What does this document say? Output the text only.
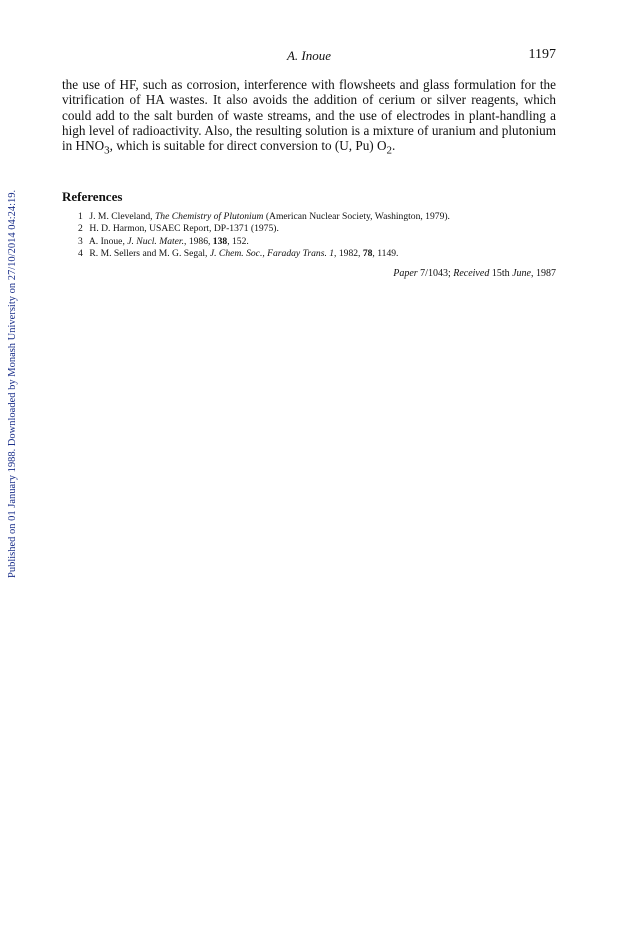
Published on 01 January 1988. Downloaded by Monash University on 27/10/2014 04:24:19.
A. Inoue	1197

the use of HF, such as corrosion, interference with flowsheets and glass formulation for the vitrification of HA wastes. It also avoids the addition of cerium or silver reagents, which could add to the salt burden of waste streams, and the use of electrodes in plant-handling a high level of radioactivity. Also, the resulting solution is a mixture of uranium and plutonium in $HNO_3$, which is suitable for direct conversion to (U, Pu) $O_2$.

References
1 J. M. Cleveland, The Chemistry of Plutonium (American Nuclear Society, Washington, 1979).
2 H. D. Harmon, USAEC Report, DP-1371 (1975).
3 A. Inoue, J. Nucl. Mater., 1986, 138, 152.
4 R. M. Sellers and M. G. Segal, J. Chem. Soc., Faraday Trans. 1, 1982, 78, 1149.
Paper 7/1043; Received 15th June, 1987
